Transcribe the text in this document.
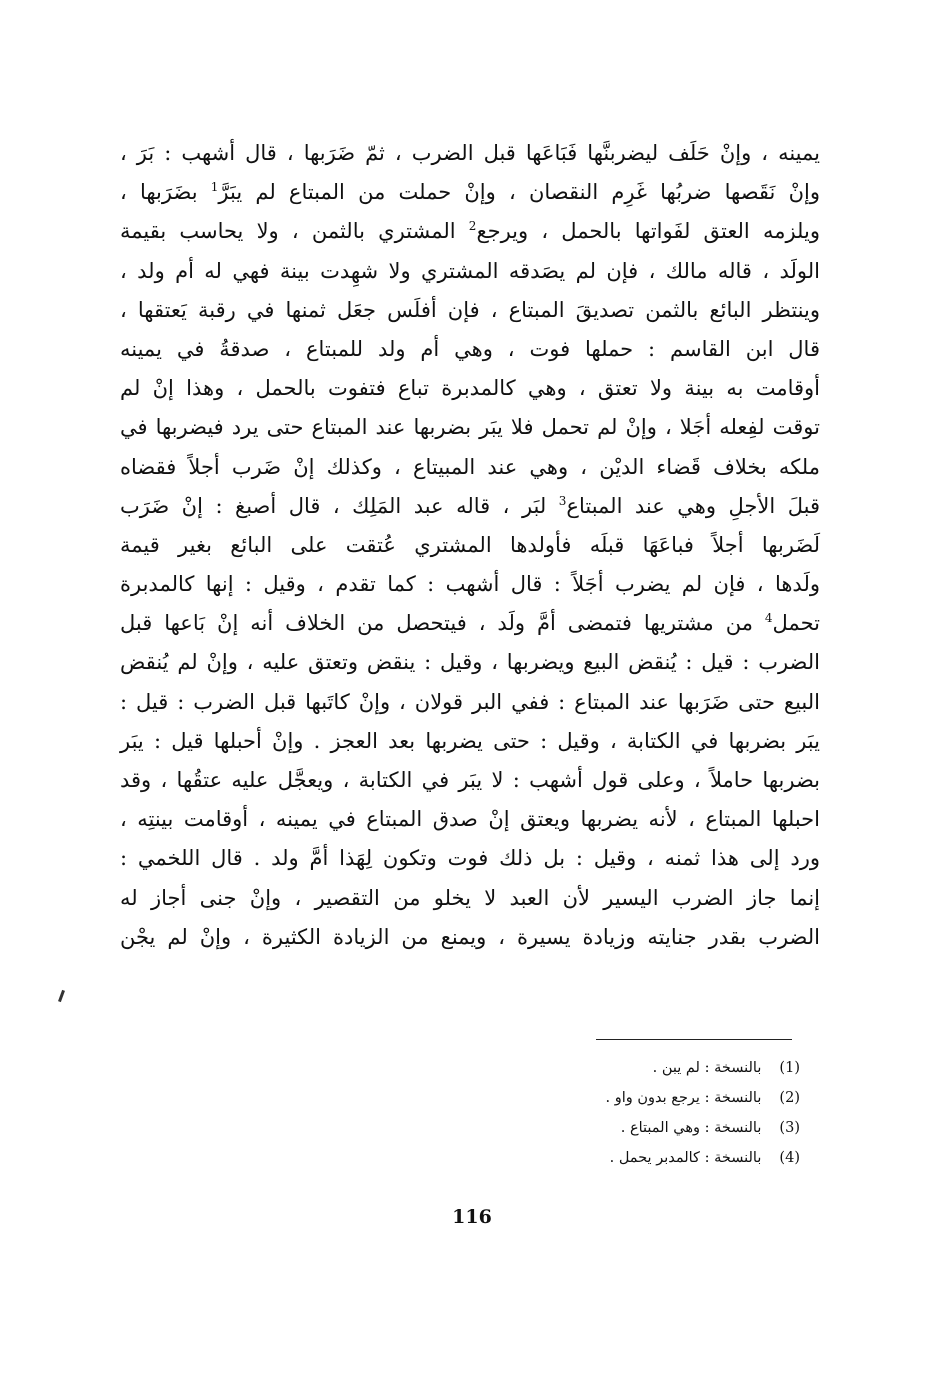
يمينه ، وإنْ حَلَف ليضربنَّها فَبَاعَها قبل الضرب ، ثمّ ضَرَبها ، قال أشهب : بَرَ ،
وإنْ نَقَصها ضربُها غَرِم النقصان ، وإنْ حملت من المبتاع لم يبَرَّ$^1$ بضَرَبها ،
ويلزمه العتق لفَواتها بالحمل ، ويرجع$^2$ المشتري بالثمن ، ولا يحاسب بقيمة
الولَد ، قاله مالك ، فإن لم يصَدقه المشتري ولا شهِدت بينة فهي له أم ولد ،
وينتظر البائع بالثمن تصديقَ المبتاع ، فإن أفلَس جعَل ثمنها في رقبة يَعتقها ،
قال ابن القاسم : حملها فوت ، وهي أم ولد للمبتاع ، صدقةُ في يمينه
أوقامت به بينة ولا تعتق ، وهي كالمدبرة تباع فتفوت بالحمل ، وهذا إنْ لم
توقت لفِعله أجَلا ، وإنْ لم تحمل فلا يبَر بضربها عند المبتاع حتى يرد فيضربها في
ملكه بخلاف قَضاء الديْن ، وهي عند المبيتاع ، وكذلك إنْ ضَرب أجلاً فقضاه
قبلَ الأجلِ وهي عند المبتاع$^3$ لبَر ، قاله عبد المَلِك ، قال أصبغ : إنْ ضَرَب
لَضَربها أجلاً فباعَهَا قبلَه فأولدها المشتري عُتقت على البائع بغير قيمة
ولَدها ، فإن لم يضرب أجَلاً : قال أشهب : كما تقدم ، وقيل : إنها كالمدبرة
تحمل$^4$ من مشتريها فتمضى أمَّ ولَد ، فيتحصل من الخلاف أنه إنْ بَاعها قبل
الضرب : قيل : يُنقض البيع ويضربها ، وقيل : ينقض وتعتق عليه ، وإنْ لم يُنقض
البيع حتى ضَرَبها عند المبتاع : ففي البر قولان ، وإنْ كاتَبها قبل الضرب : قيل :
يبَر بضربها في الكتابة ، وقيل : حتى يضربها بعد العجز . وإنْ أحبلها قيل : يبَر
بضربها حاملاً ، وعلى قول أشهب : لا يبَر في الكتابة ، ويعجَّل عليه عتقُها ، وقد
احبلها المبتاع ، لأنه يضربها ويعتق إنْ صدق المبتاع في يمينه ، أوقامت بينتِه ،
ورد إلى هذا ثمنه ، وقيل : بل ذلك فوت وتكون لِهَذا أمَّ ولد . قال اللخمي :
إنما جاز الضرب اليسير لأن العبد لا يخلو من التقصير ، وإنْ جنى أجاز له
الضرب بقدر جنايته وزيادة يسيرة ، ويمنع من الزيادة الكثيرة ، وإنْ لم يجْن
(1) بالنسخة : لم يبن .
(2) بالنسخة : يرجع بدون واو .
(3) بالنسخة : وهي المبتاع .
(4) بالنسخة : كالمدبر يحمل .
116
